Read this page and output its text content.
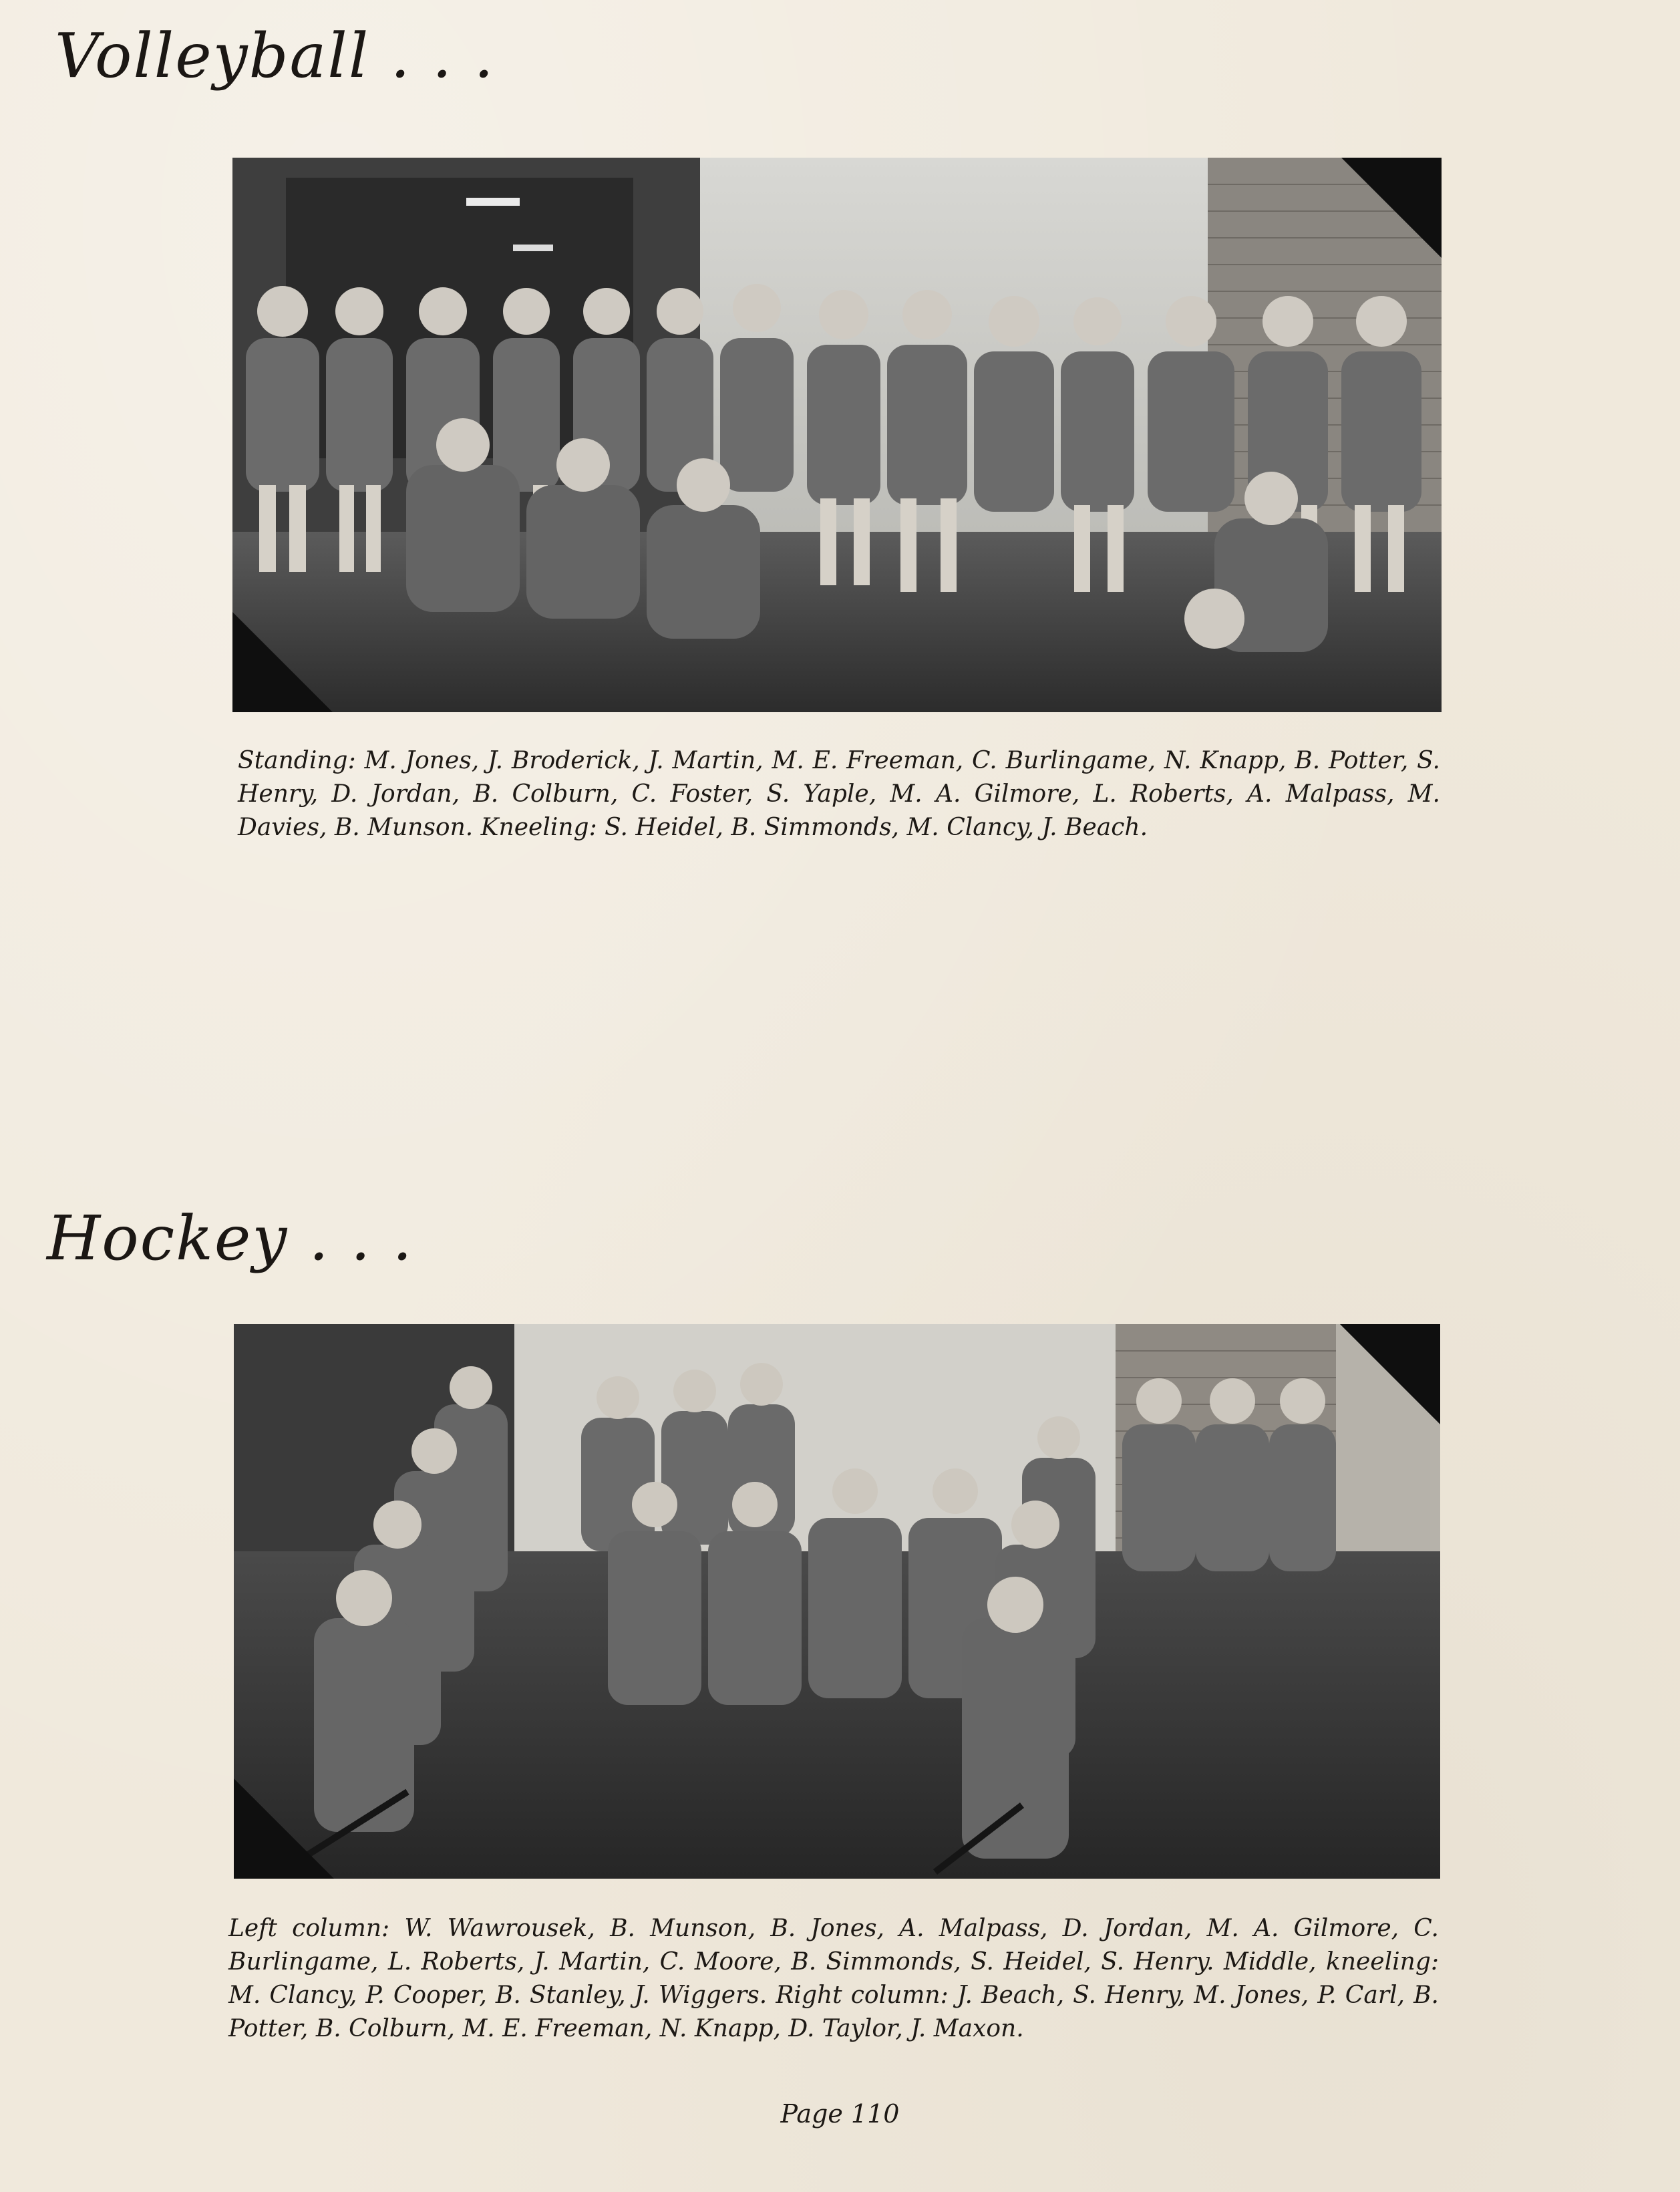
Volleyball . . .
Standing: M. Jones, J. Broderick, J. Martin, M. E. Freeman, C. Burlingame, N. Knapp, B. Potter, S. Henry, D. Jordan, B. Colburn, C. Foster, S. Yaple, M. A. Gilmore, L. Roberts, A. Malpass, M. Davies, B. Munson. Kneeling: S. Heidel, B. Simmonds, M. Clancy, J. Beach.
Hockey . . .
Left column: W. Wawrousek, B. Munson, B. Jones, A. Malpass, D. Jordan, M. A. Gilmore, C. Burlingame, L. Roberts, J. Martin, C. Moore, B. Simmonds, S. Heidel, S. Henry. Middle, kneeling: M. Clancy, P. Cooper, B. Stanley, J. Wiggers. Right column: J. Beach, S. Henry, M. Jones, P. Carl, B. Potter, B. Colburn, M. E. Freeman, N. Knapp, D. Taylor, J. Maxon.
Page 110
